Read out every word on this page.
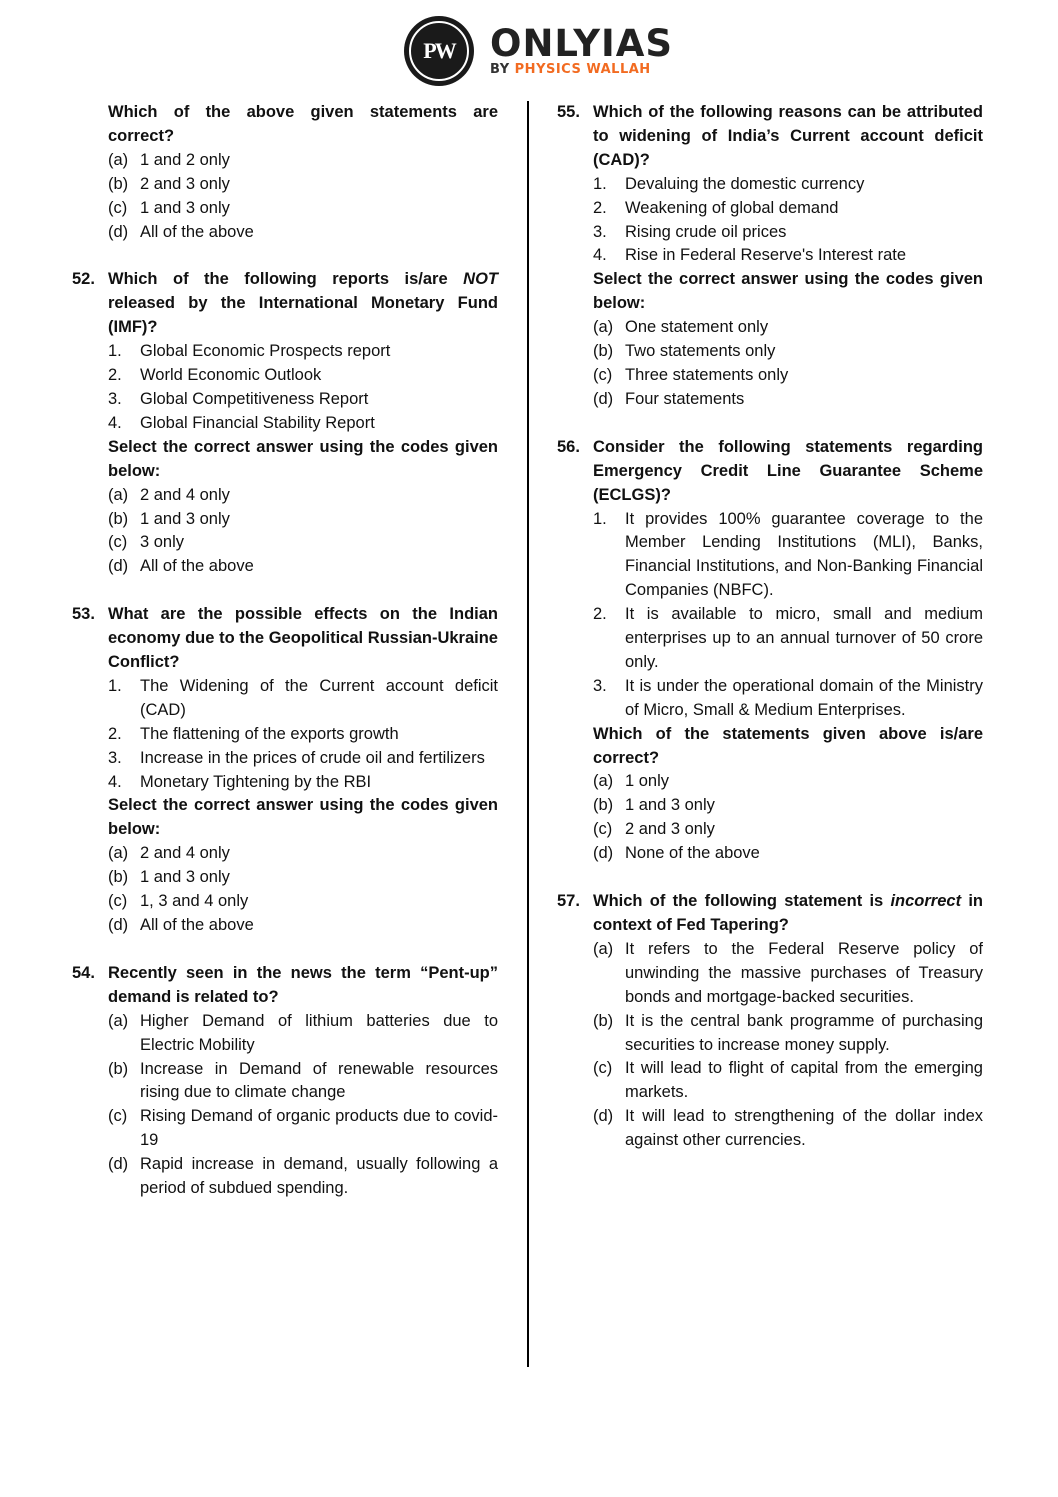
PW ONLYIAS
BY PHYSICS WALLAH
Which of the above given statements are correct?
(a) 1 and 2 only
(b) 2 and 3 only
(c) 1 and 3 only
(d) All of the above
52. Which of the following reports is/are NOT released by the International Monetary Fund (IMF)?
1.	Global Economic Prospects report
2.	World Economic Outlook
3.	Global Competitiveness Report
4.	Global Financial Stability Report
Select the correct answer using the codes given below:
(a) 2 and 4 only
(b) 1 and 3 only
(c) 3 only
(d) All of the above
53. What are the possible effects on the Indian economy due to the Geopolitical Russian-Ukraine Conflict?
1.	The Widening of the Current account deficit (CAD)
2.	The flattening of the exports growth
3.	Increase in the prices of crude oil and fertilizers
4.	Monetary Tightening by the RBI
Select the correct answer using the codes given below:
(a) 2 and 4 only
(b) 1 and 3 only
(c) 1, 3 and 4 only
(d) All of the above
54. Recently seen in the news the term “Pent-up” demand is related to?
(a) Higher Demand of lithium batteries due to Electric Mobility
(b) Increase in Demand of renewable resources rising due to climate change
(c) Rising Demand of organic products due to covid-19
(d) Rapid increase in demand, usually following a period of subdued spending.
55. Which of the following reasons can be attributed to widening of India’s Current account deficit (CAD)?
1.	Devaluing the domestic currency
2.	Weakening of global demand
3.	Rising crude oil prices
4.	Rise in Federal Reserve's Interest rate
Select the correct answer using the codes given below:
(a) One statement only
(b) Two statements only
(c) Three statements only
(d) Four statements
56. Consider the following statements regarding Emergency Credit Line Guarantee Scheme (ECLGS)?
1.	It provides 100% guarantee coverage to the Member Lending Institutions (MLI), Banks, Financial Institutions, and Non-Banking Financial Companies (NBFC).
2.	It is available to micro, small and medium enterprises up to an annual turnover of 50 crore only.
3.	It is under the operational domain of the Ministry of Micro, Small & Medium Enterprises.
Which of the statements given above is/are correct?
(a) 1 only
(b) 1 and 3 only
(c) 2 and 3 only
(d) None of the above
57. Which of the following statement is incorrect in context of Fed Tapering?
(a) It refers to the Federal Reserve policy of unwinding the massive purchases of Treasury bonds and mortgage-backed securities.
(b) It is the central bank programme of purchasing securities to increase money supply.
(c) It will lead to flight of capital from the emerging markets.
(d) It will lead to strengthening of the dollar index against other currencies.
